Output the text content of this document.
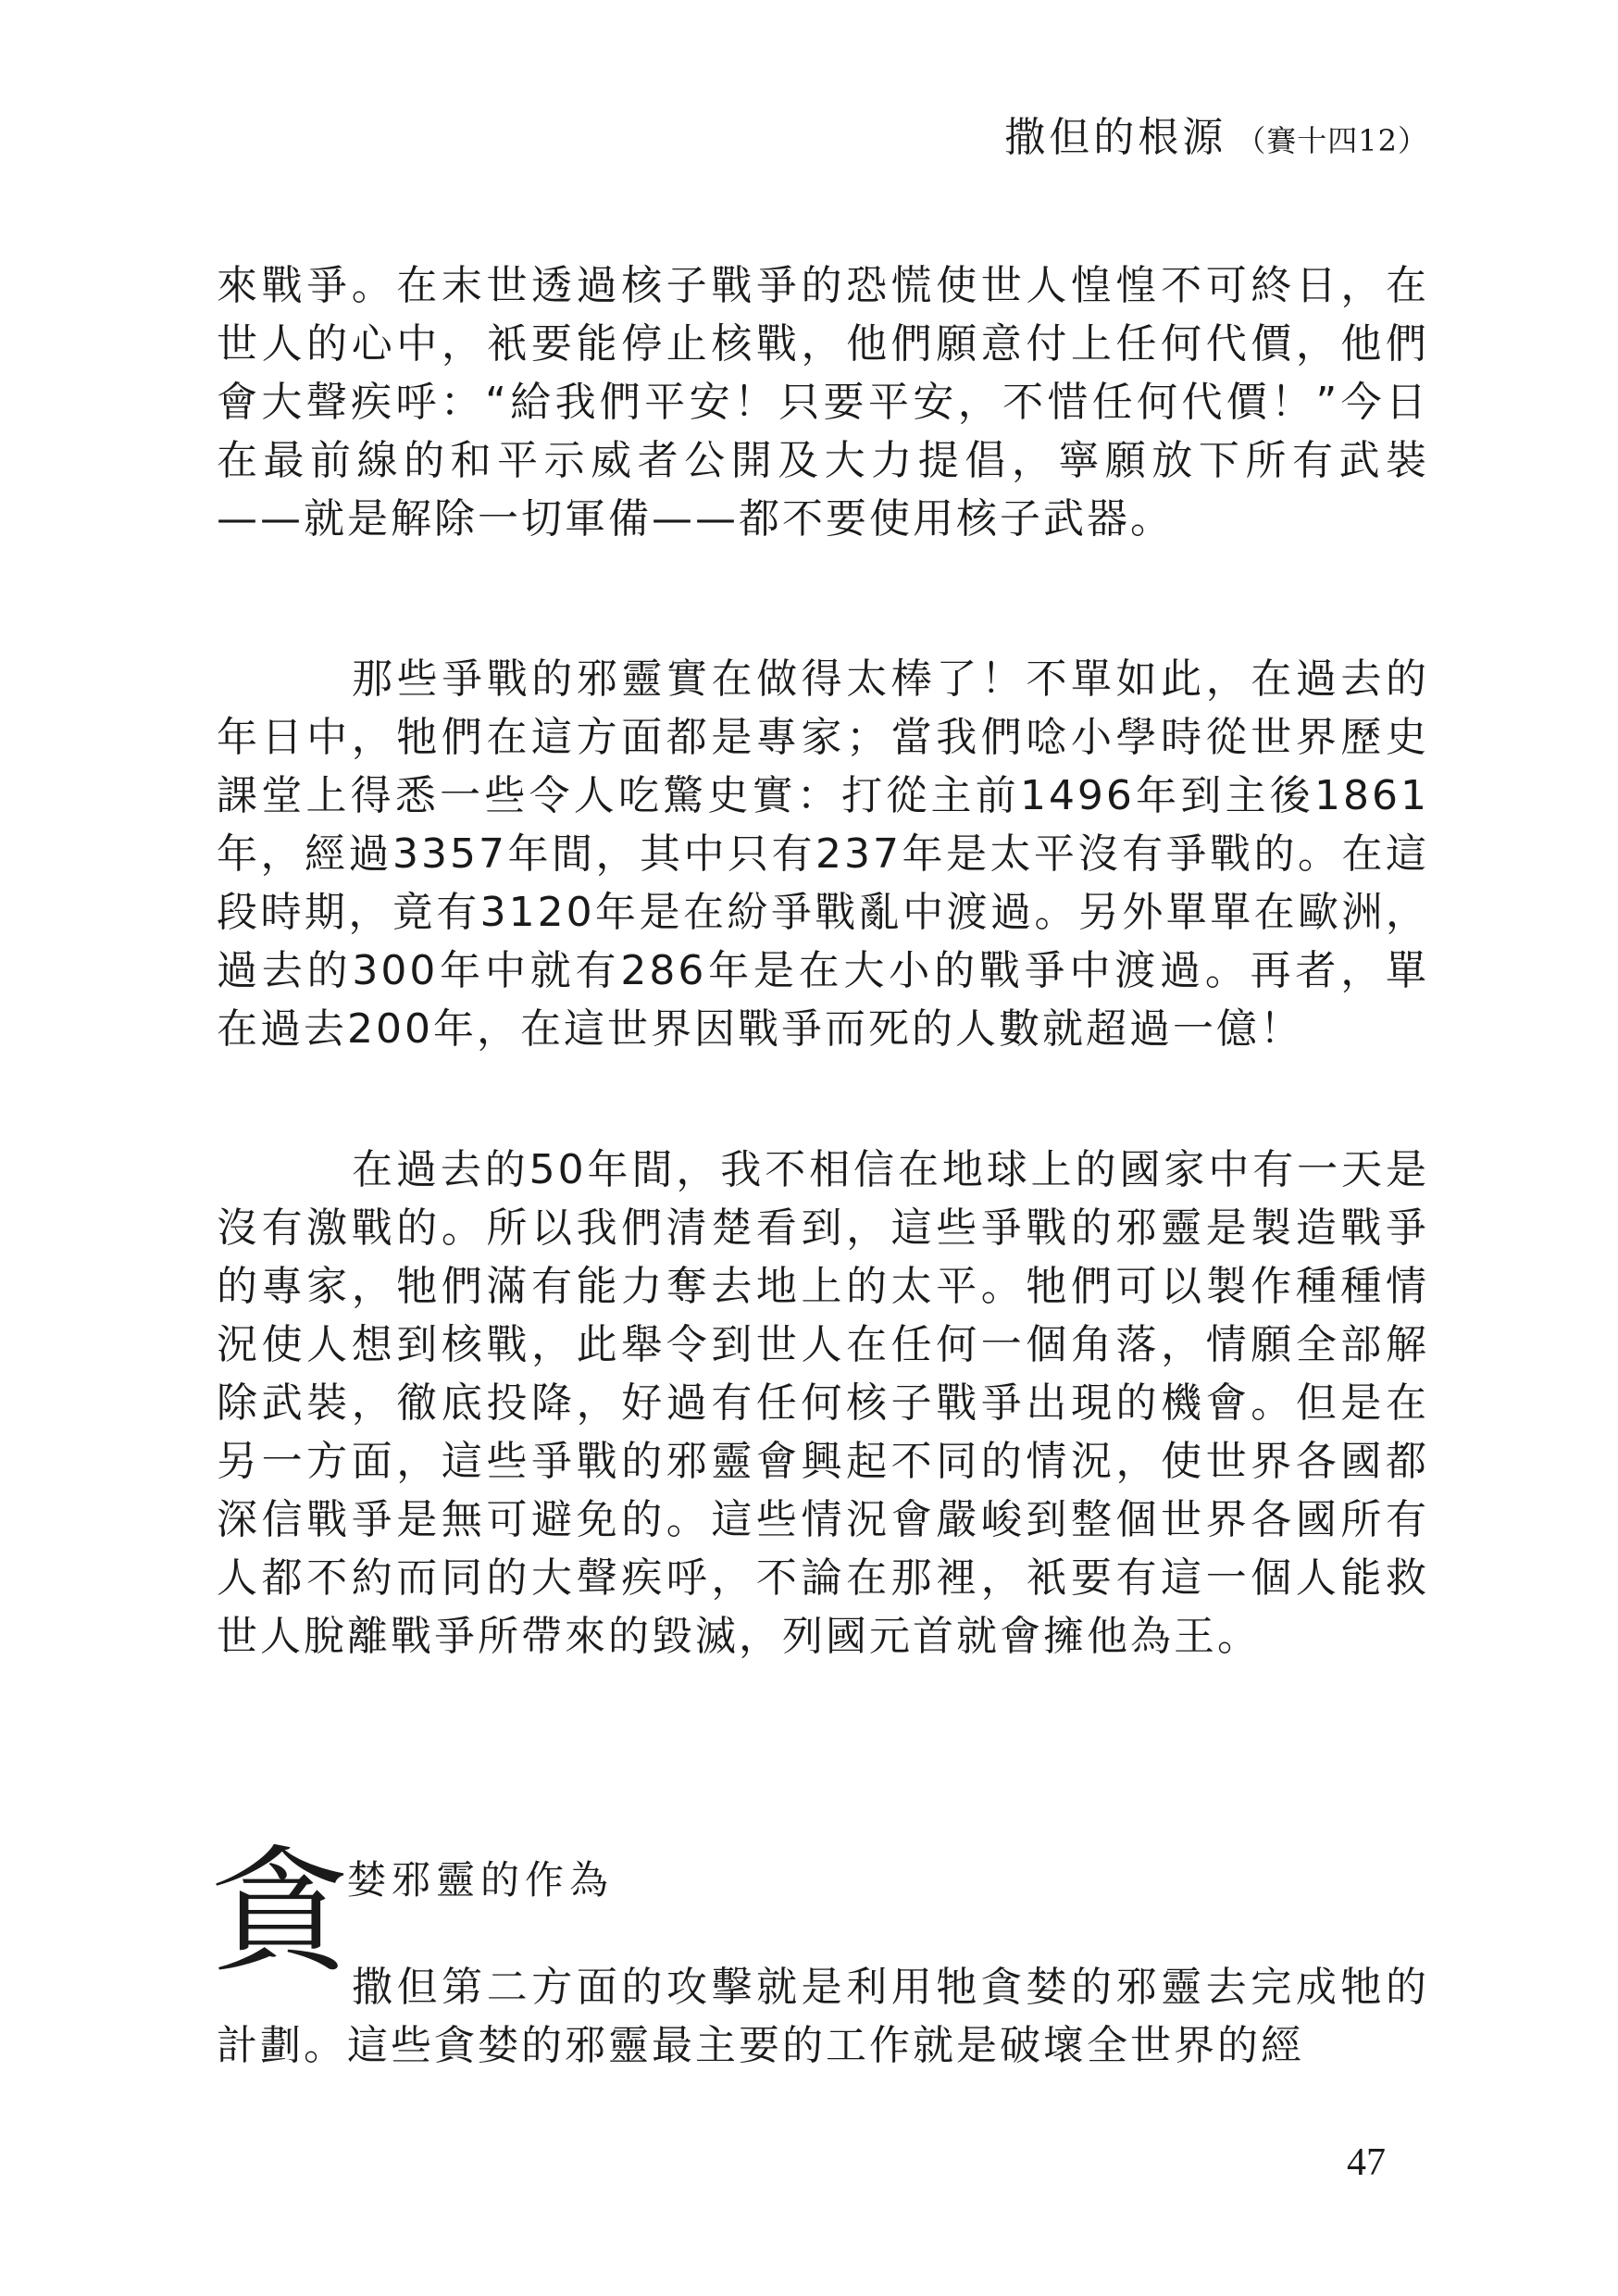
撒但的根源 （賽十四12）

來戰爭。在末世透過核子戰爭的恐慌使世人惶惶不可終日，在世人的心中，衹要能停止核戰，他們願意付上任何代價，他們會大聲疾呼：“給我們平安！只要平安，不惜任何代價！”今日在最前線的和平示威者公開及大力提倡，寧願放下所有武裝——就是解除一切軍備——都不要使用核子武器。

那些爭戰的邪靈實在做得太棒了！不單如此，在過去的年日中，牠們在這方面都是專家；當我們唸小學時從世界歷史課堂上得悉一些令人吃驚史實：打從主前1496年到主後1861年，經過3357年間，其中只有237年是太平沒有爭戰的。在這段時期，竟有3120年是在紛爭戰亂中渡過。另外單單在歐洲，過去的300年中就有286年是在大小的戰爭中渡過。再者，單在過去200年，在這世界因戰爭而死的人數就超過一億！

在過去的50年間，我不相信在地球上的國家中有一天是沒有激戰的。所以我們清楚看到，這些爭戰的邪靈是製造戰爭的專家，牠們滿有能力奪去地上的太平。牠們可以製作種種情況使人想到核戰，此舉令到世人在任何一個角落，情願全部解除武裝，徹底投降，好過有任何核子戰爭出現的機會。但是在另一方面，這些爭戰的邪靈會興起不同的情況，使世界各國都深信戰爭是無可避免的。這些情況會嚴峻到整個世界各國所有人都不約而同的大聲疾呼，不論在那裡，衹要有這一個人能救世人脫離戰爭所帶來的毀滅，列國元首就會擁他為王。

貪 婪邪靈的作為

撒但第二方面的攻擊就是利用牠貪婪的邪靈去完成牠的計劃。這些貪婪的邪靈最主要的工作就是破壞全世界的經

47
